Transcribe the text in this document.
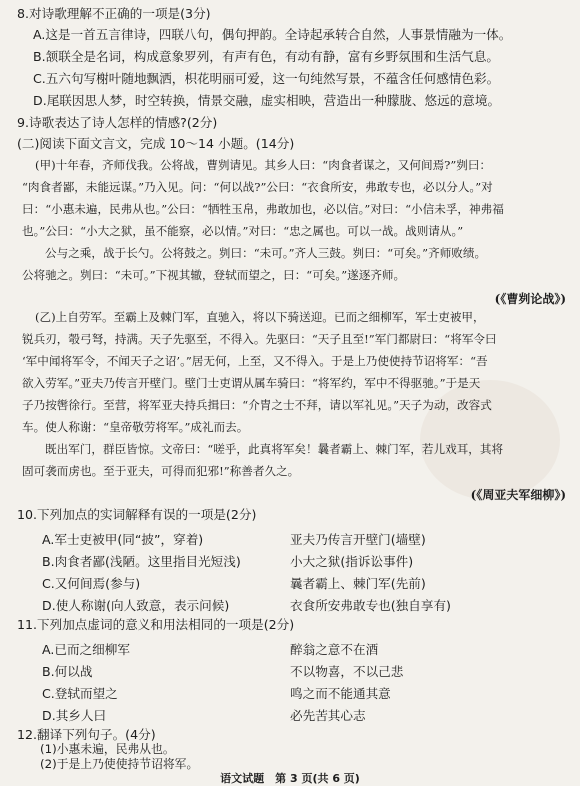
8.对诗歌理解不正确的一项是(3分)
A.这是一首五言律诗，四联八句，偶句押韵。全诗起承转合自然，人事景情融为一体。
B.颔联全是名词，构成意象罗列，有声有色，有动有静，富有乡野氛围和生活气息。
C.五六句写榭叶随地飘洒，枳花明丽可爱，这一句纯然写景，不蕴含任何感情色彩。
D.尾联因思人梦，时空转换，情景交融，虚实相映，营造出一种朦胧、悠远的意境。
9.诗歌表达了诗人怎样的情感?(2分)
(二)阅读下面文言文，完成 10～14 小题。(14分)
(甲)十年春，齐师伐我。公将战，曹刿请见。其乡人曰：“肉食者谋之，又何间焉?”刿曰：
“肉食者鄙，未能远谋。”乃入见。问：“何以战?”公曰：“衣食所安，弗敢专也，必以分人。”对
曰：“小惠未遍，民弗从也。”公曰：“牺牲玉帛，弗敢加也，必以信。”对曰：“小信未孚，神弗福
也。”公曰：“小大之狱，虽不能察，必以情。”对曰：“忠之属也。可以一战。战则请从。”
公与之乘，战于长勺。公将鼓之。刿曰：“未可。”齐人三鼓。刿曰：“可矣。”齐师败绩。
公将驰之。刿曰：“未可。”下视其辙，登轼而望之，曰：“可矣。”遂逐齐师。
(《曹刿论战》)
(乙)上自劳军。至霸上及棘门军，直驰入，将以下骑送迎。已而之细柳军，军士吏被甲，
锐兵刃，彀弓弩，持满。天子先驱至，不得入。先驱曰：“天子且至!”军门都尉曰：“将军令曰
‘军中闻将军令，不闻天子之诏’。”居无何，上至，又不得入。于是上乃使使持节诏将军：“吾
欲入劳军。”亚夫乃传言开壁门。壁门士吏谓从属车骑曰：“将军约，军中不得驱驰。”于是天
子乃按辔徐行。至营，将军亚夫持兵揖曰：“介胄之士不拜，请以军礼见。”天子为动，改容式
车。使人称谢：“皇帝敬劳将军。”成礼而去。
既出军门，群臣皆惊。文帝曰：“嗟乎，此真将军矣！曩者霸上、棘门军，若儿戏耳，其将
固可袭而虏也。至于亚夫，可得而犯邪!”称善者久之。
(《周亚夫军细柳》)
10.下列加点的实词解释有误的一项是(2分)
A.军士吏被甲(同“披”，穿着)	亚夫乃传言开壁门(墙壁)
B.肉食者鄙(浅陋。这里指目光短浅)	小大之狱(指诉讼事件)
C.又何间焉(参与)	曩者霸上、棘门军(先前)
D.使人称谢(向人致意，表示问候)	衣食所安弗敢专也(独自享有)
11.下列加点虚词的意义和用法相同的一项是(2分)
A.已而之细柳军	醉翁之意不在酒
B.何以战	不以物喜，不以己悲
C.登轼而望之	鸣之而不能通其意
D.其乡人曰	必先苦其心志
12.翻译下列句子。(4分)
(1)小惠未遍，民弗从也。
(2)于是上乃使使持节诏将军。
语文试题　第 3 页(共 6 页)
